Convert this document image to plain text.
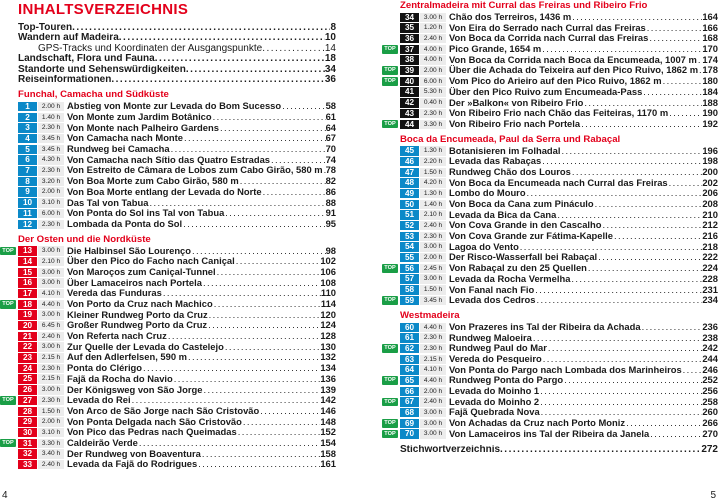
INHALTSVERZEICHNIS
Top-Touren .....	8
Wandern auf Madeira .....	10
GPS-Tracks und Koordinaten der Ausgangspunkte .....	14
Landschaft, Flora und Fauna .....	18
Standorte und Sehenswürdigkeiten .....	34
Reiseinformationen .....	36
Funchal, Camacha und Südküste
1	2.00 h Abstieg von Monte zur Levada do Bom Sucesso .....	58
2	1.40 h Von Monte zum Jardim Botânico .....	61
3	2.30 h Von Monte nach Palheiro Gardens .....	64
4	3.45 h Von Camacha nach Monte .....	67
5	3.45 h Rundweg bei Camacha .....	70
6	4.30 h Von Camacha nach Sítio das Quatro Estradas .....	74
7	2.30 h Von Estreito de Câmara de Lobos zum Cabo Girão, 580 m ..... 78
8	3.20 h Von Boa Morte zum Cabo Girão, 580 m .....	82
9	2.00 h Von Boa Morte entlang der Levada do Norte .....	86
10	3.10 h Das Tal von Tabua .....	88
11	6.00 h Von Ponta do Sol ins Tal von Tabua .....	91
12	2.30 h Lombada da Ponta do Sol .....	95
Der Osten und die Nordküste
TOP	13	3.00 h Die Halbinsel São Lourenço .....	98
14	2.10 h Über den Pico do Facho nach Caniçal .....	102
15	3.00 h Von Maroços zum Caniçal-Tunnel .....	106
16	3.00 h Über Lamaceiros nach Portela .....	108
17	4.10 h Vereda das Funduras .....	110
TOP	18	4.40 h Von Porto da Cruz nach Machico .....	114
19	3.00 h Kleiner Rundweg Porto da Cruz .....	120
20	6.45 h Großer Rundweg Porto da Cruz .....	124
21	2.40 h Von Referta nach Cruz .....	128
22	3.00 h Zur Quelle der Levada do Castelejo .....	130
23	2.15 h Auf den Adlerfelsen, 590 m .....	132
24	2.30 h Ponta do Clérigo .....	134
25	2.15 h Fajã da Rocha do Navio .....	136
26	3.00 h Der Königsweg von São Jorge .....	139
TOP	27	2.30 h Levada do Rei .....	142
28	1.50 h Von Arco de São Jorge nach São Cristovão .....	146
29	2.00 h Von Ponta Delgada nach São Cristovão .....	148
30	3.10 h Von Pico das Pedras nach Queimadas .....	152
TOP	31	3.30 h Caldeirão Verde .....	154
32	3.40 h Der Rundweg von Boaventura .....	158
33	2.40 h Levada da Fajã do Rodrigues .....	161
Zentralmadeira mit Curral das Freiras und Ribeiro Frio
34	3.00 h Chão dos Terreiros, 1436 m .....	164
35	1.20 h Von Eira do Serrado nach Curral das Freiras .....	166
36	2.40 h Von Boca da Corrida nach Curral das Freiras .....	168
TOP	37	4.00 h Pico Grande, 1654 m .....	170
38	4.00 h Von Boca da Corrida nach Boca da Encumeada, 1007 m ..... 174
TOP	39	2.00 h Über die Achada do Teixeira auf den Pico Ruivo, 1862 m ..... 178
TOP	40	6.00 h Vom Pico do Arieiro auf den Pico Ruivo, 1862 m .....	180
41	5.30 h Über den Pico Ruivo zum Encumeada-Pass .....	184
42	0.40 h Der »Balkon« von Ribeiro Frio .....	188
43	2.30 h Von Ribeiro Frio nach Chão das Feiteiras, 1170 m .....	190
TOP	44	3.30 h Von Ribeiro Frio nach Portela .....	192
Boca da Encumeada, Paul da Serra und Rabaçal
45	1.30 h Botanisieren im Folhadal .....	196
46	2.20 h Levada das Rabaças .....	198
47	1.50 h Rundweg Chão dos Louros .....	200
48	4.20 h Von Boca da Encumeada nach Curral das Freiras .....	202
49	1.30 h Lombo do Mouro .....	206
50	1.40 h Von Boca da Cana zum Pináculo .....	208
51	2.10 h Levada da Bica da Cana .....	210
52	2.40 h Von Cova Grande in den Cascalho .....	212
53	2.30 h Von Cova Grande zur Fátima-Kapelle .....	216
54	3.00 h Lagoa do Vento .....	218
55	2.00 h Der Risco-Wasserfall bei Rabaçal .....	222
TOP	56	2.45 h Von Rabaçal zu den 25 Quellen .....	224
57	3.00 h Levada da Rocha Vermelha .....	228
58	1.50 h Von Fanal nach Fio .....	231
TOP	59	3.45 h Levada dos Cedros .....	234
Westmadeira
60	4.40 h Von Prazeres ins Tal der Ribeira da Achada .....	236
61	2.30 h Rundweg Maloeira .....	238
TOP	62	2.30 h Rundweg Paul do Mar .....	242
63	2.15 h Vereda do Pesqueiro .....	244
64	4.10 h Von Ponta do Pargo nach Lombada dos Marinheiros ..... 246
TOP	65	4.40 h Rundweg Ponta do Pargo .....	252
66	2.00 h Levada do Moinho 1 .....	256
TOP	67	2.40 h Levada do Moinho 2 .....	258
68	3.00 h Fajã Quebrada Nova .....	260
TOP	69	3.00 h Von Achadas da Cruz nach Porto Moniz .....	266
TOP	70	3.00 h Von Lamaceiros ins Tal der Ribeira da Janela .....	270
Stichwortverzeichnis .....	272
4	5
